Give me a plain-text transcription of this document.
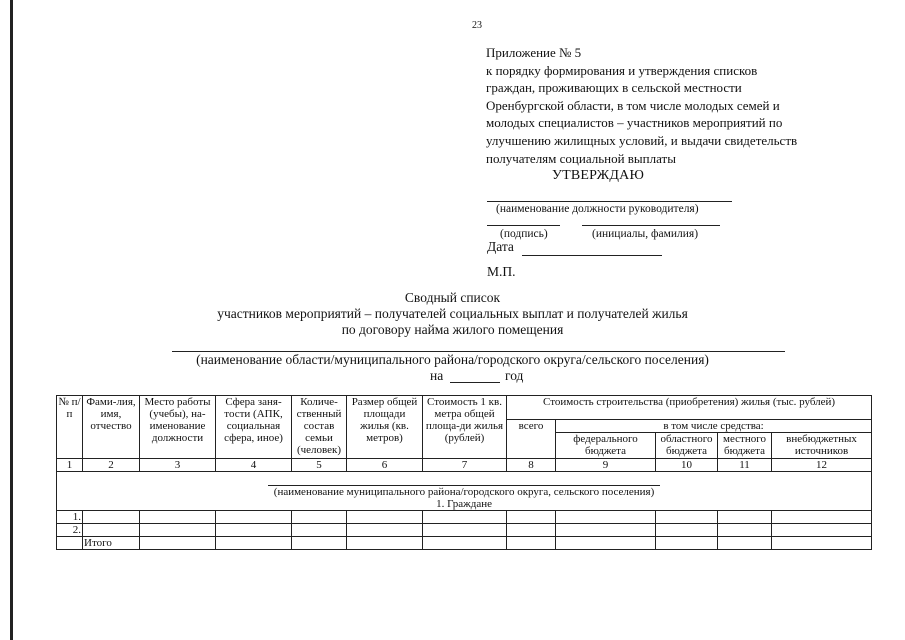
23
Приложение № 5
к порядку формирования и утверждения списков
граждан, проживающих в сельской местности
Оренбургской области, в том числе молодых семей и
молодых специалистов – участников мероприятий по
улучшению жилищных условий, и выдачи свидетельств
получателям социальной выплаты
УТВЕРЖДАЮ
(наименование должности руководителя)
(подпись)	(инициалы, фамилия)
Дата
М.П.
Сводный список
участников мероприятий – получателей социальных выплат и получателей жилья
по договору найма жилого помещения
(наименование области/муниципального района/городского округа/сельского поселения)
на	год
№ п/п	Фами-лия, имя, отчество	Место работы (учебы), на-именование должности	Сфера заня-тости (АПК, социальная сфера, иное)	Количе-ственный состав семьи (человек)	Размер общей площади жилья (кв. метров)	Стоимость 1 кв. метра общей площа-ди жилья (рублей)	Стоимость строительства (приобретения) жилья (тыс. рублей)				
							всего	в том числе средства:			
								федерального бюджета	областного бюджета	местного бюджета	внебюджетных источников
1	2	3	4	5	6	7	8	9	10	11	12
(наименование муниципального района/городского округа, сельского поселения)											
1. Граждане											
1.											
2.											
	Итого										
